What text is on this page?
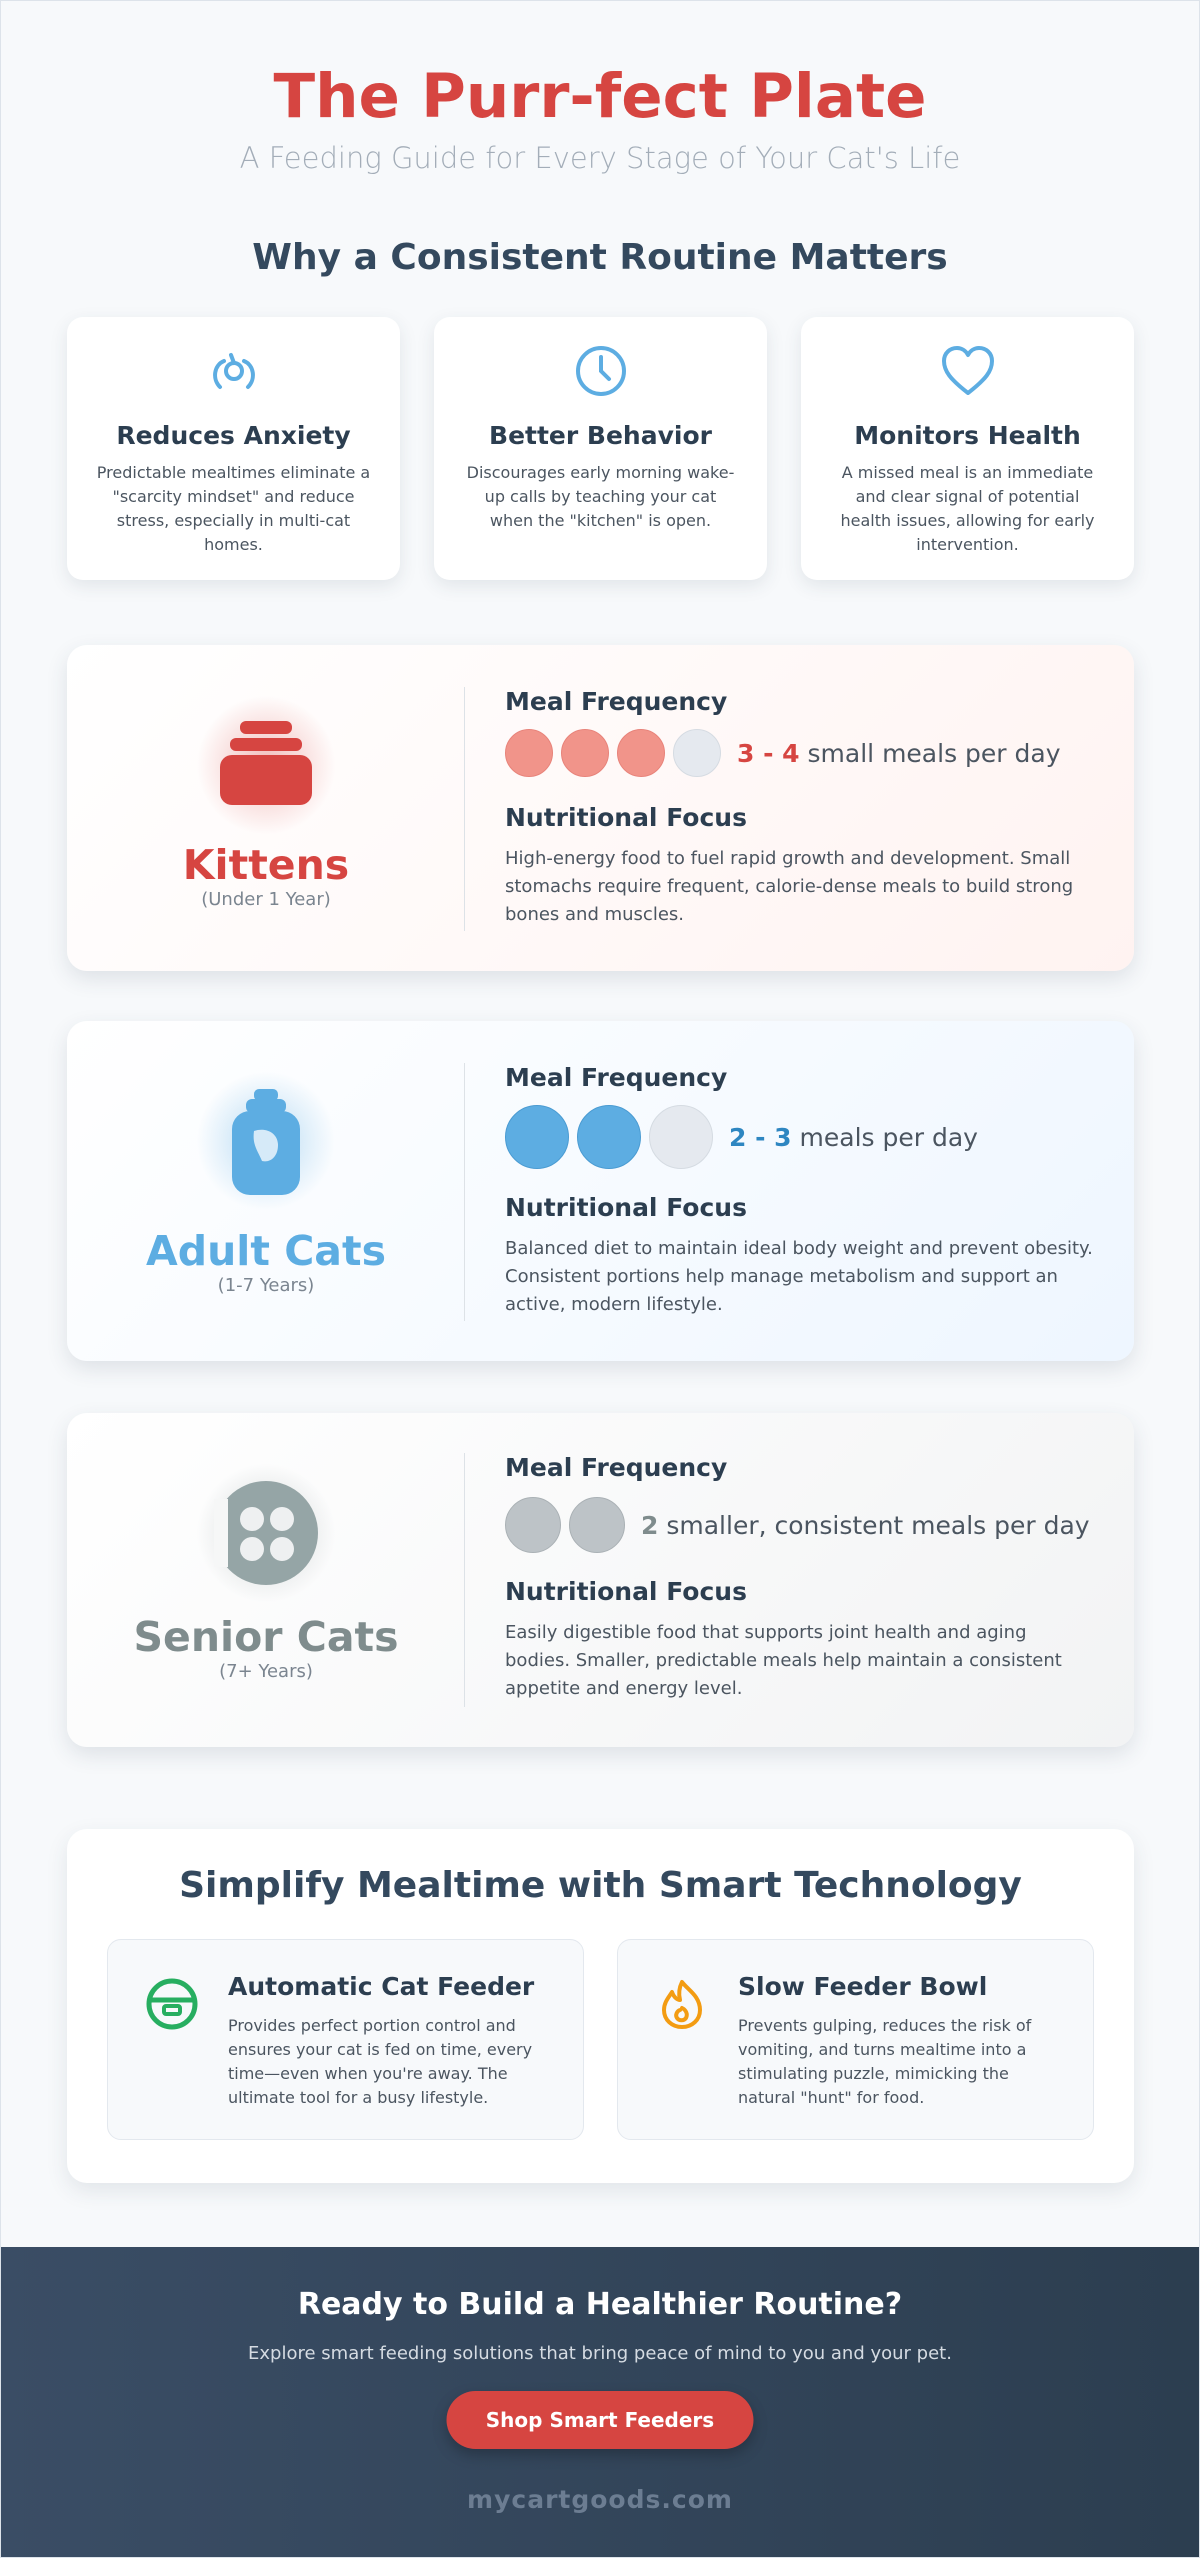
The Purr-fect Plate
A Feeding Guide for Every Stage of Your Cat's Life
Why a Consistent Routine Matters
Reduces Anxiety

Predictable mealtimes eliminate a "scarcity mindset" and reduce stress, especially in multi-cat homes.

Better Behavior

Discourages early morning wake-up calls by teaching your cat when the "kitchen" is open.

Monitors Health

A missed meal is an immediate and clear signal of potential health issues, allowing for early intervention.

Kittens
(Under 1 Year)
Meal Frequency
3 - 4 small meals per day
Nutritional Focus
High-energy food to fuel rapid growth and development. Small stomachs require frequent, calorie-dense meals to build strong bones and muscles.
Adult Cats
(1-7 Years)
Meal Frequency
2 - 3 meals per day
Nutritional Focus
Balanced diet to maintain ideal body weight and prevent obesity. Consistent portions help manage metabolism and support an active, modern lifestyle.
Senior Cats
(7+ Years)
Meal Frequency
2 smaller, consistent meals per day
Nutritional Focus
Easily digestible food that supports joint health and aging bodies. Smaller, predictable meals help maintain a consistent appetite and energy level.
Simplify Mealtime with Smart Technology
Automatic Cat Feeder

Provides perfect portion control and ensures your cat is fed on time, every time—even when you're away. The ultimate tool for a busy lifestyle.

Slow Feeder Bowl

Prevents gulping, reduces the risk of vomiting, and turns mealtime into a stimulating puzzle, mimicking the natural "hunt" for food.

Ready to Build a Healthier Routine?

Explore smart feeding solutions that bring peace of mind to you and your pet.

Shop Smart Feeders
mycartgoods.com
